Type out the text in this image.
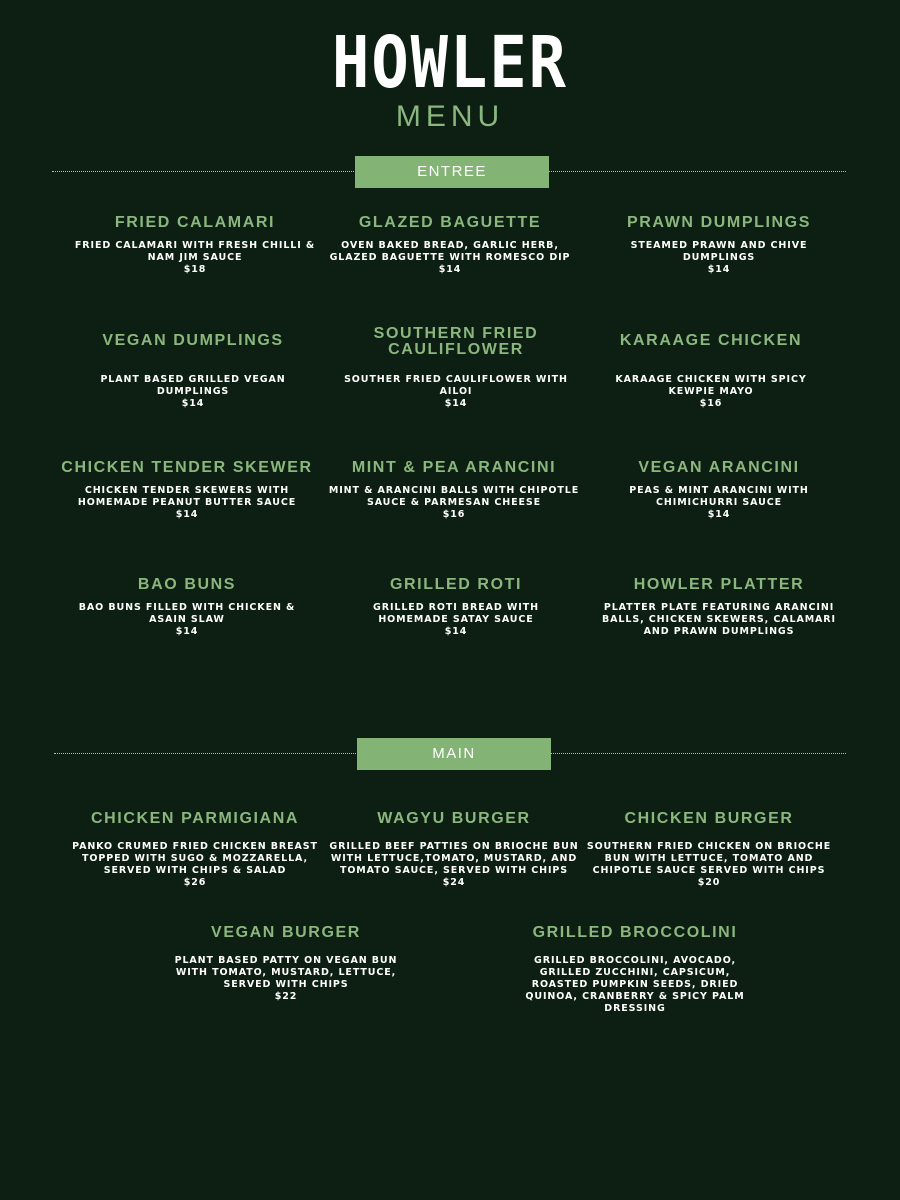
HOWLER
MENU
ENTREE
FRIED CALAMARI
FRIED CALAMARI WITH FRESH CHILLI & NAM JIM SAUCE
$18
GLAZED BAGUETTE
OVEN BAKED BREAD, GARLIC HERB, GLAZED BAGUETTE WITH ROMESCO DIP
$14
PRAWN DUMPLINGS
STEAMED PRAWN AND CHIVE DUMPLINGS
$14
VEGAN DUMPLINGS
PLANT BASED GRILLED VEGAN DUMPLINGS
$14
SOUTHERN FRIED CAULIFLOWER
SOUTHER FRIED CAULIFLOWER WITH AILOI
$14
KARAAGE CHICKEN
KARAAGE CHICKEN WITH SPICY KEWPIE MAYO
$16
CHICKEN TENDER SKEWER
CHICKEN TENDER SKEWERS WITH HOMEMADE PEANUT BUTTER SAUCE
$14
MINT & PEA ARANCINI
MINT & ARANCINI BALLS WITH CHIPOTLE SAUCE & PARMESAN CHEESE
$16
VEGAN ARANCINI
PEAS & MINT ARANCINI WITH CHIMICHURRI SAUCE
$14
BAO BUNS
BAO BUNS FILLED WITH CHICKEN & ASAIN SLAW
$14
GRILLED ROTI
GRILLED ROTI BREAD WITH HOMEMADE SATAY SAUCE
$14
HOWLER PLATTER
PLATTER PLATE FEATURING ARANCINI BALLS, CHICKEN SKEWERS, CALAMARI AND PRAWN DUMPLINGS
MAIN
CHICKEN PARMIGIANA
PANKO CRUMED FRIED CHICKEN BREAST TOPPED WITH SUGO & MOZZARELLA, SERVED WITH CHIPS & SALAD
$26
WAGYU BURGER
GRILLED BEEF PATTIES ON BRIOCHE BUN WITH LETTUCE,TOMATO, MUSTARD, AND TOMATO SAUCE, SERVED WITH CHIPS
$24
CHICKEN BURGER
SOUTHERN FRIED CHICKEN ON BRIOCHE BUN WITH LETTUCE, TOMATO AND CHIPOTLE SAUCE SERVED WITH CHIPS
$20
VEGAN BURGER
PLANT BASED PATTY ON VEGAN BUN WITH TOMATO, MUSTARD, LETTUCE, SERVED WITH CHIPS
$22
GRILLED BROCCOLINI
GRILLED BROCCOLINI, AVOCADO, GRILLED ZUCCHINI, CAPSICUM, ROASTED PUMPKIN SEEDS, DRIED QUINOA, CRANBERRY & SPICY PALM DRESSING
